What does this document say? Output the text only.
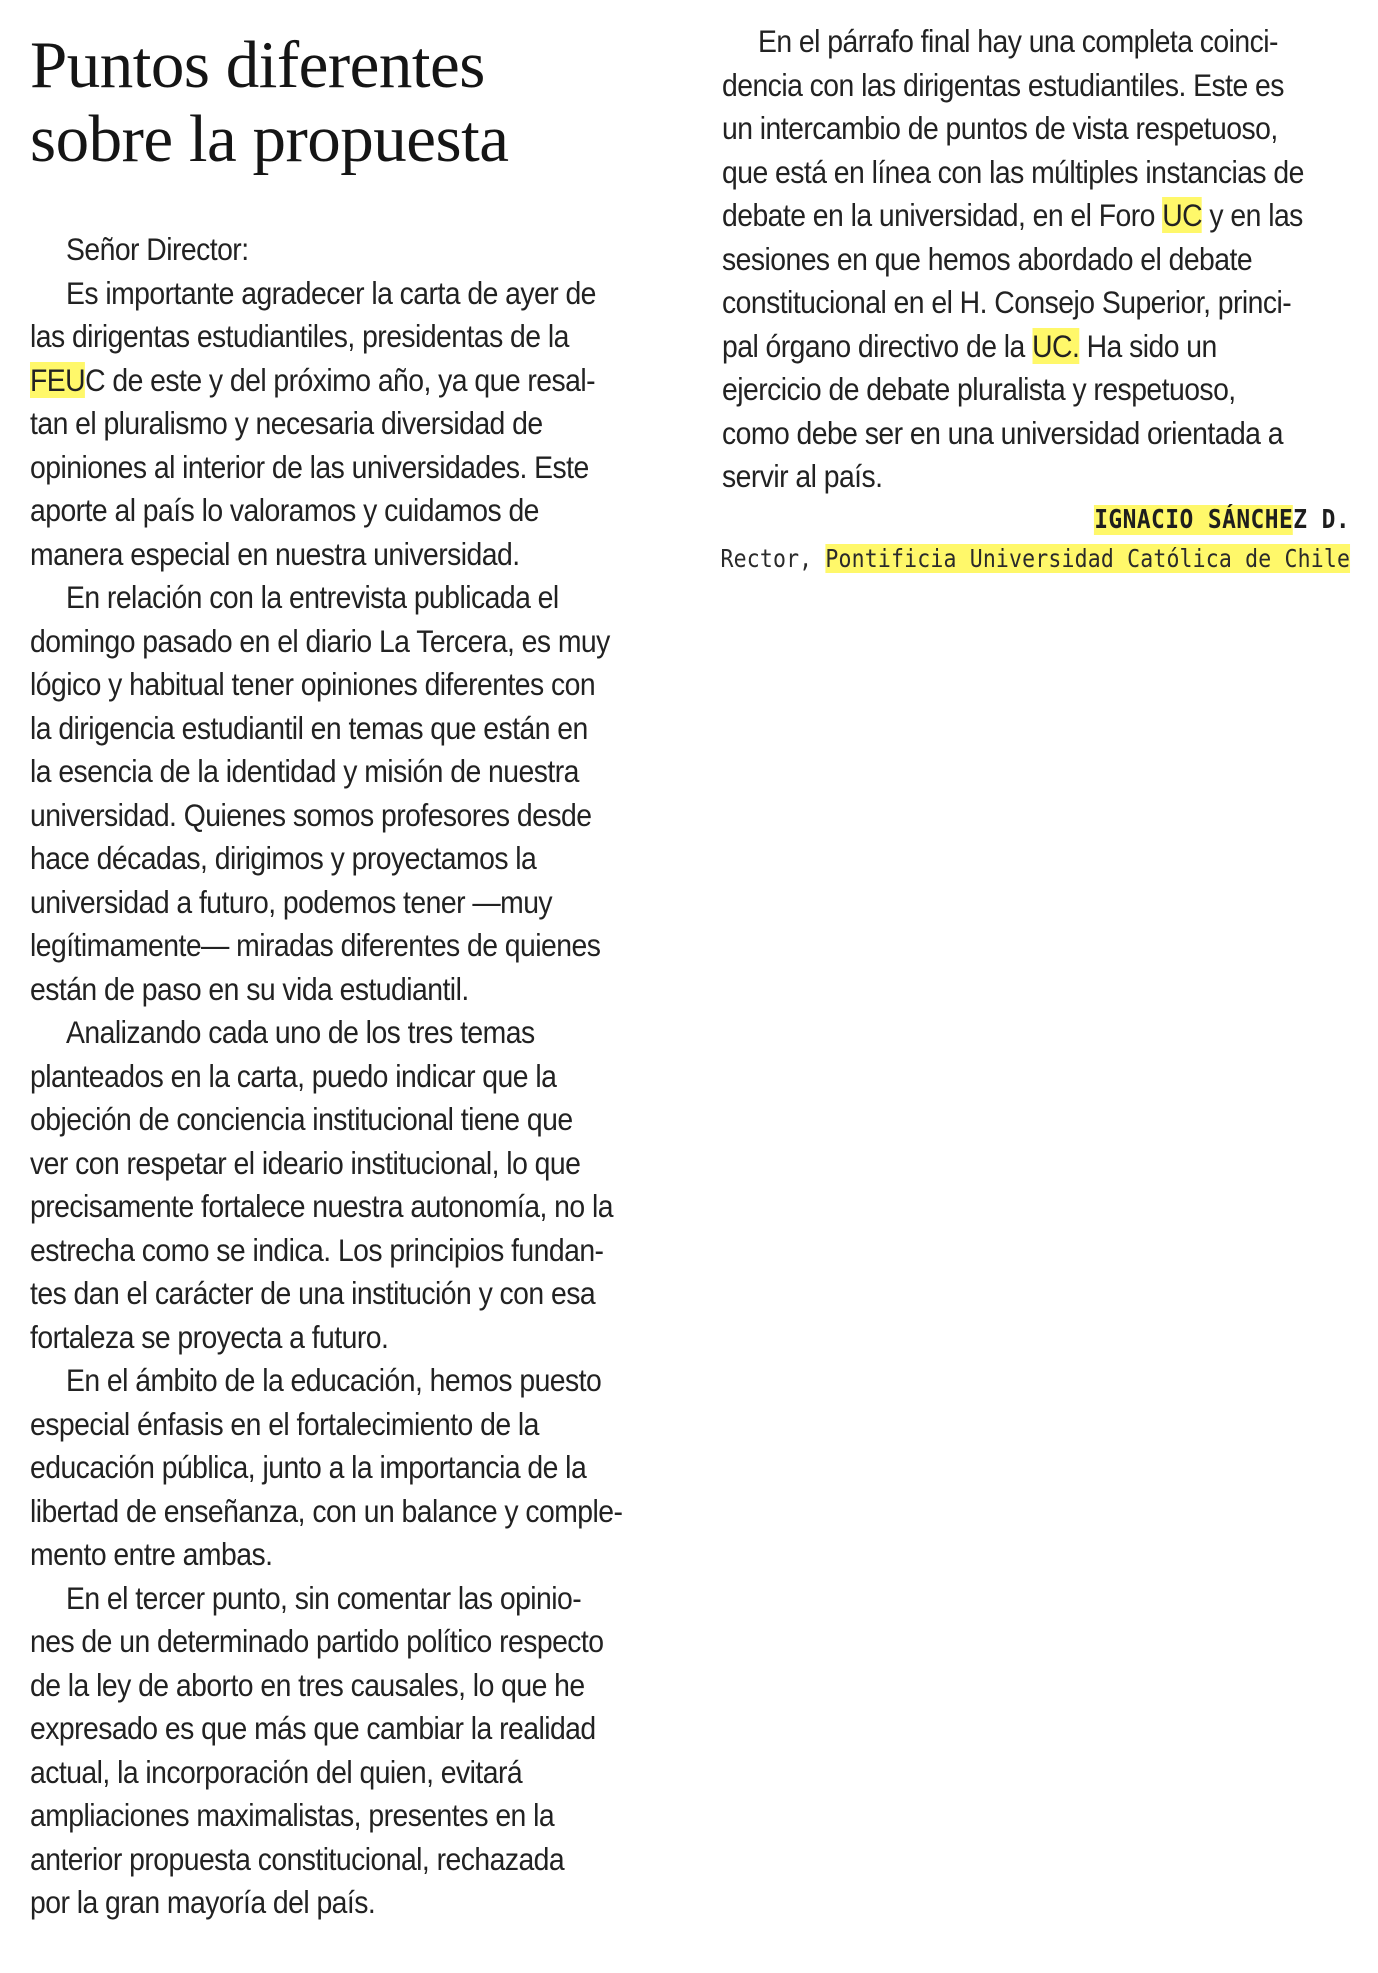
Puntos diferentes
sobre la propuesta
Señor Director:
Es importante agradecer la carta de ayer de
las dirigentas estudiantiles, presidentas de la
FEUC de este y del próximo año, ya que resal-
tan el pluralismo y necesaria diversidad de
opiniones al interior de las universidades. Este
aporte al país lo valoramos y cuidamos de
manera especial en nuestra universidad.
En relación con la entrevista publicada el
domingo pasado en el diario La Tercera, es muy
lógico y habitual tener opiniones diferentes con
la dirigencia estudiantil en temas que están en
la esencia de la identidad y misión de nuestra
universidad. Quienes somos profesores desde
hace décadas, dirigimos y proyectamos la
universidad a futuro, podemos tener —muy
legítimamente— miradas diferentes de quienes
están de paso en su vida estudiantil.
Analizando cada uno de los tres temas
planteados en la carta, puedo indicar que la
objeción de conciencia institucional tiene que
ver con respetar el ideario institucional, lo que
precisamente fortalece nuestra autonomía, no la
estrecha como se indica. Los principios fundan-
tes dan el carácter de una institución y con esa
fortaleza se proyecta a futuro.
En el ámbito de la educación, hemos puesto
especial énfasis en el fortalecimiento de la
educación pública, junto a la importancia de la
libertad de enseñanza, con un balance y comple-
mento entre ambas.
En el tercer punto, sin comentar las opinio-
nes de un determinado partido político respecto
de la ley de aborto en tres causales, lo que he
expresado es que más que cambiar la realidad
actual, la incorporación del quien, evitará
ampliaciones maximalistas, presentes en la
anterior propuesta constitucional, rechazada
por la gran mayoría del país.
En el párrafo final hay una completa coinci-
dencia con las dirigentas estudiantiles. Este es
un intercambio de puntos de vista respetuoso,
que está en línea con las múltiples instancias de
debate en la universidad, en el Foro UC y en las
sesiones en que hemos abordado el debate
constitucional en el H. Consejo Superior, princi-
pal órgano directivo de la UC. Ha sido un
ejercicio de debate pluralista y respetuoso,
como debe ser en una universidad orientada a
servir al país.
IGNACIO SÁNCHEZ D.
Rector, Pontificia Universidad Católica de Chile
